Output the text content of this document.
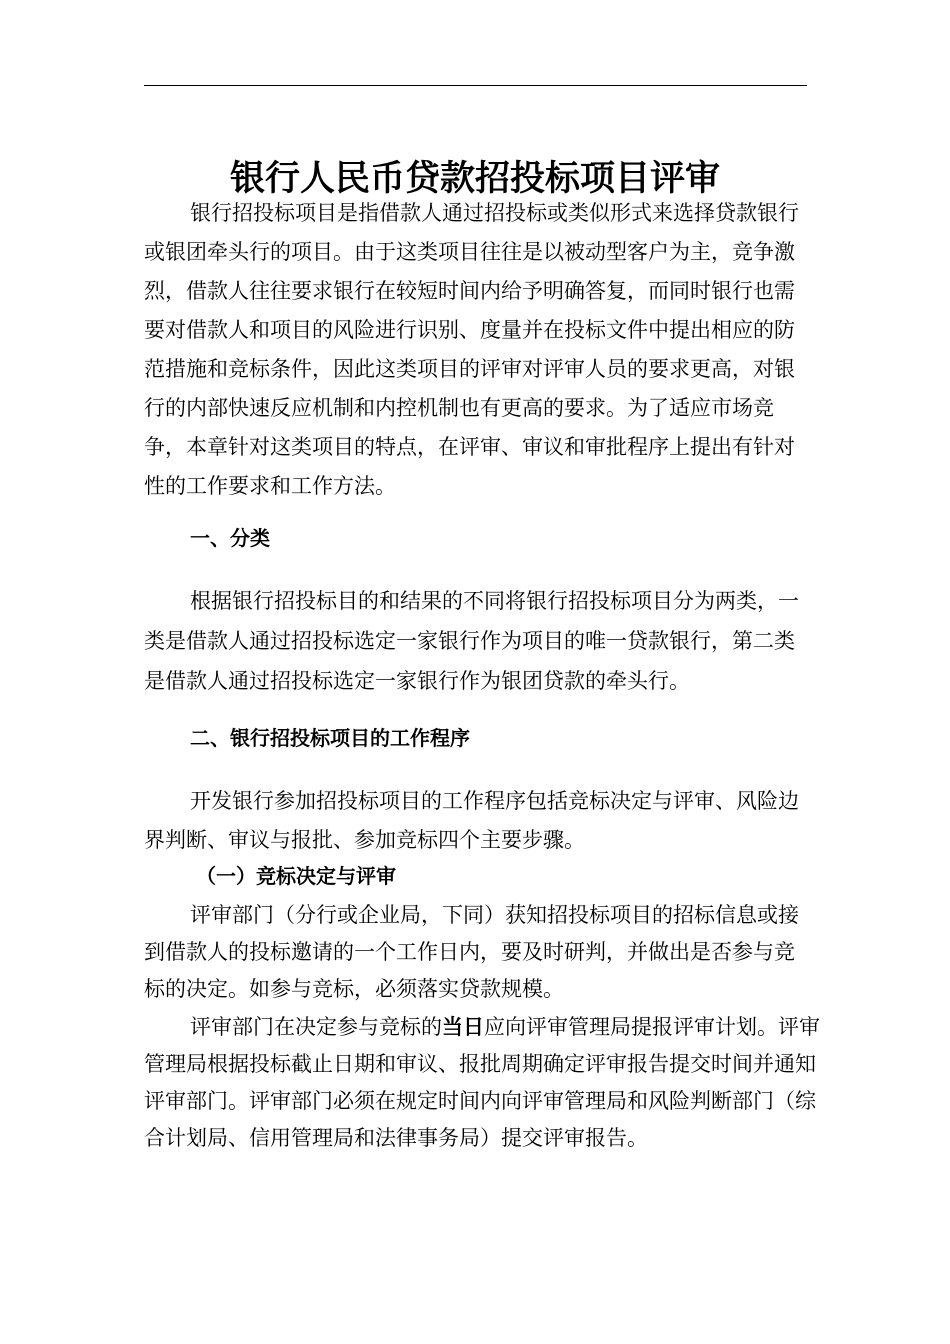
银行人民币贷款招投标项目评审

银行招投标项目是指借款人通过招投标或类似形式来选择贷款银行或银团牵头行的项目。由于这类项目往往是以被动型客户为主，竞争激烈，借款人往往要求银行在较短时间内给予明确答复，而同时银行也需要对借款人和项目的风险进行识别、度量并在投标文件中提出相应的防范措施和竞标条件，因此这类项目的评审对评审人员的要求更高，对银行的内部快速反应机制和内控机制也有更高的要求。为了适应市场竞争，本章针对这类项目的特点，在评审、审议和审批程序上提出有针对性的工作要求和工作方法。

一、分类

根据银行招投标目的和结果的不同将银行招投标项目分为两类，一类是借款人通过招投标选定一家银行作为项目的唯一贷款银行，第二类是借款人通过招投标选定一家银行作为银团贷款的牵头行。

二、银行招投标项目的工作程序

开发银行参加招投标项目的工作程序包括竞标决定与评审、风险边界判断、审议与报批、参加竞标四个主要步骤。

（一）竞标决定与评审

评审部门（分行或企业局，下同）获知招投标项目的招标信息或接到借款人的投标邀请的一个工作日内，要及时研判，并做出是否参与竞标的决定。如参与竞标，必须落实贷款规模。

评审部门在决定参与竞标的当日应向评审管理局提报评审计划。评审管理局根据投标截止日期和审议、报批周期确定评审报告提交时间并通知评审部门。评审部门必须在规定时间内向评审管理局和风险判断部门（综合计划局、信用管理局和法律事务局）提交评审报告。
